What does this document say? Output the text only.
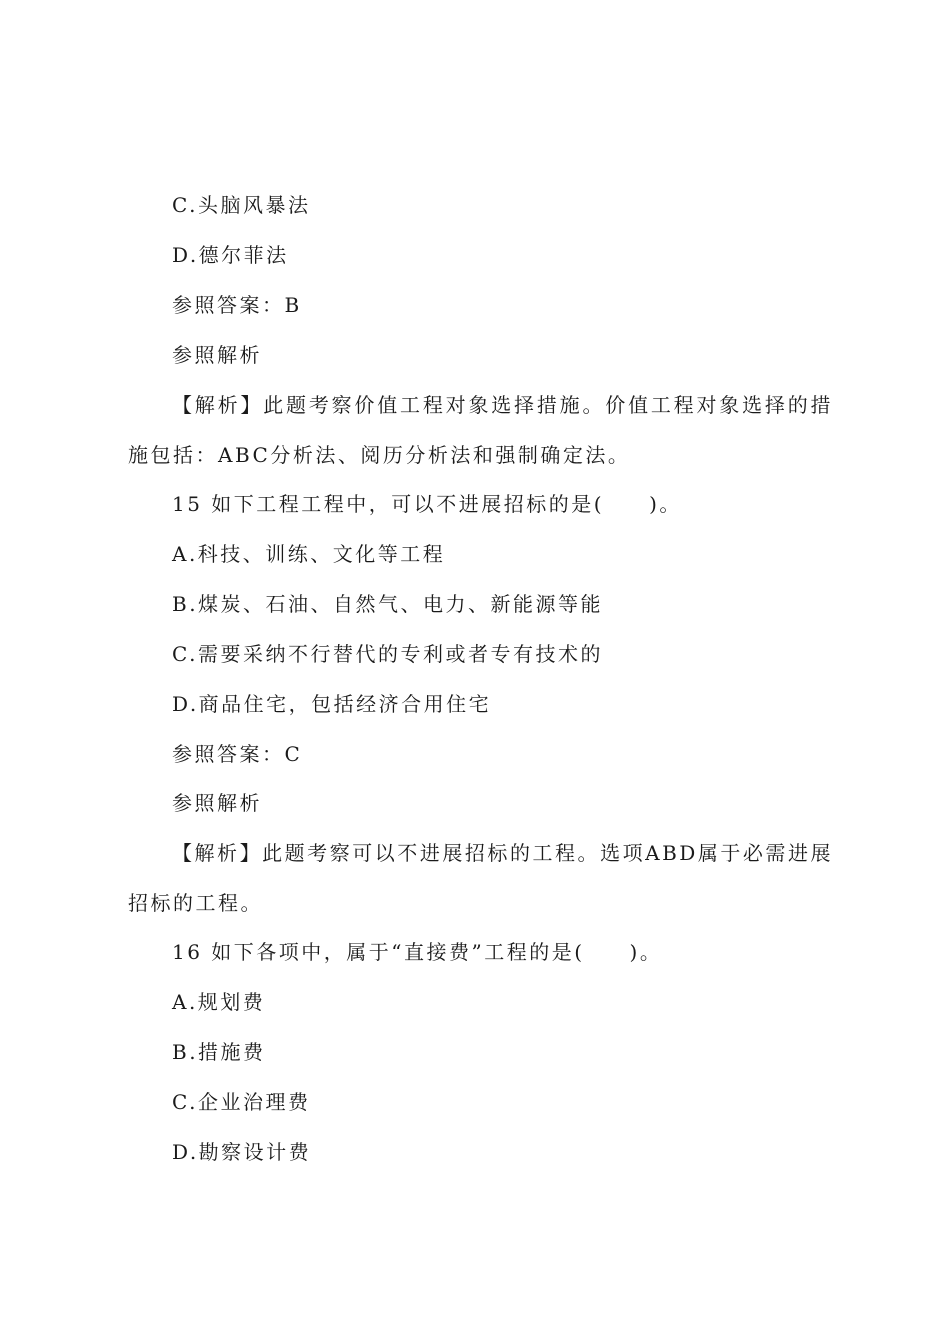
C.头脑风暴法
D.德尔菲法
参照答案：B
参照解析
【解析】此题考察价值工程对象选择措施。价值工程对象选择的措施包括：ABC分析法、阅历分析法和强制确定法。
15 如下工程工程中，可以不进展招标的是(　　)。
A.科技、训练、文化等工程
B.煤炭、石油、自然气、电力、新能源等能
C.需要采纳不行替代的专利或者专有技术的
D.商品住宅，包括经济合用住宅
参照答案：C
参照解析
【解析】此题考察可以不进展招标的工程。选项ABD属于必需进展招标的工程。
16 如下各项中，属于“直接费”工程的是(　　)。
A.规划费
B.措施费
C.企业治理费
D.勘察设计费
